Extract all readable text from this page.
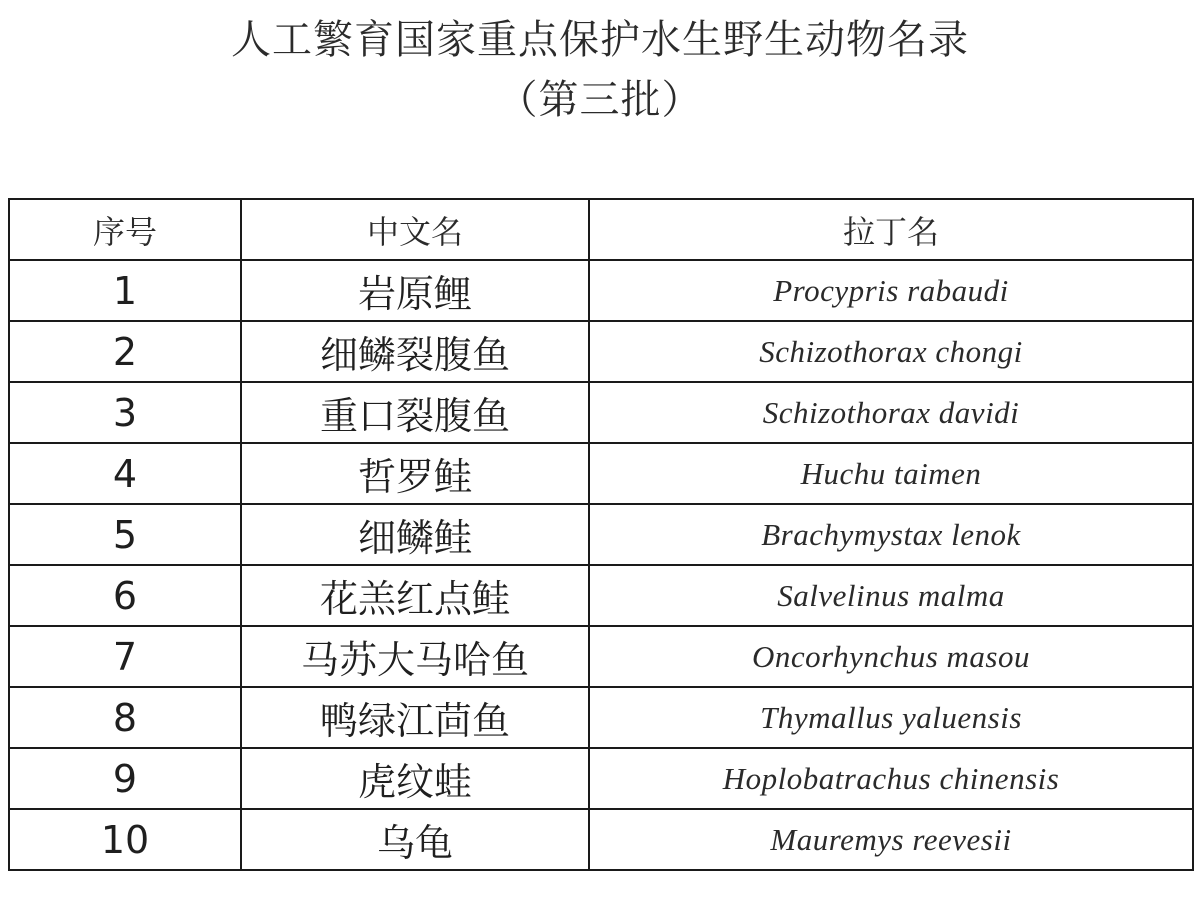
人工繁育国家重点保护水生野生动物名录
（第三批）
序号	中文名	拉丁名
1	岩原鲤	Procypris rabaudi
2	细鳞裂腹鱼	Schizothorax chongi
3	重口裂腹鱼	Schizothorax davidi
4	哲罗鲑	Huchu taimen
5	细鳞鲑	Brachymystax lenok
6	花羔红点鲑	Salvelinus malma
7	马苏大马哈鱼	Oncorhynchus masou
8	鸭绿江茴鱼	Thymallus yaluensis
9	虎纹蛙	Hoplobatrachus chinensis
10	乌龟	Mauremys reevesii
